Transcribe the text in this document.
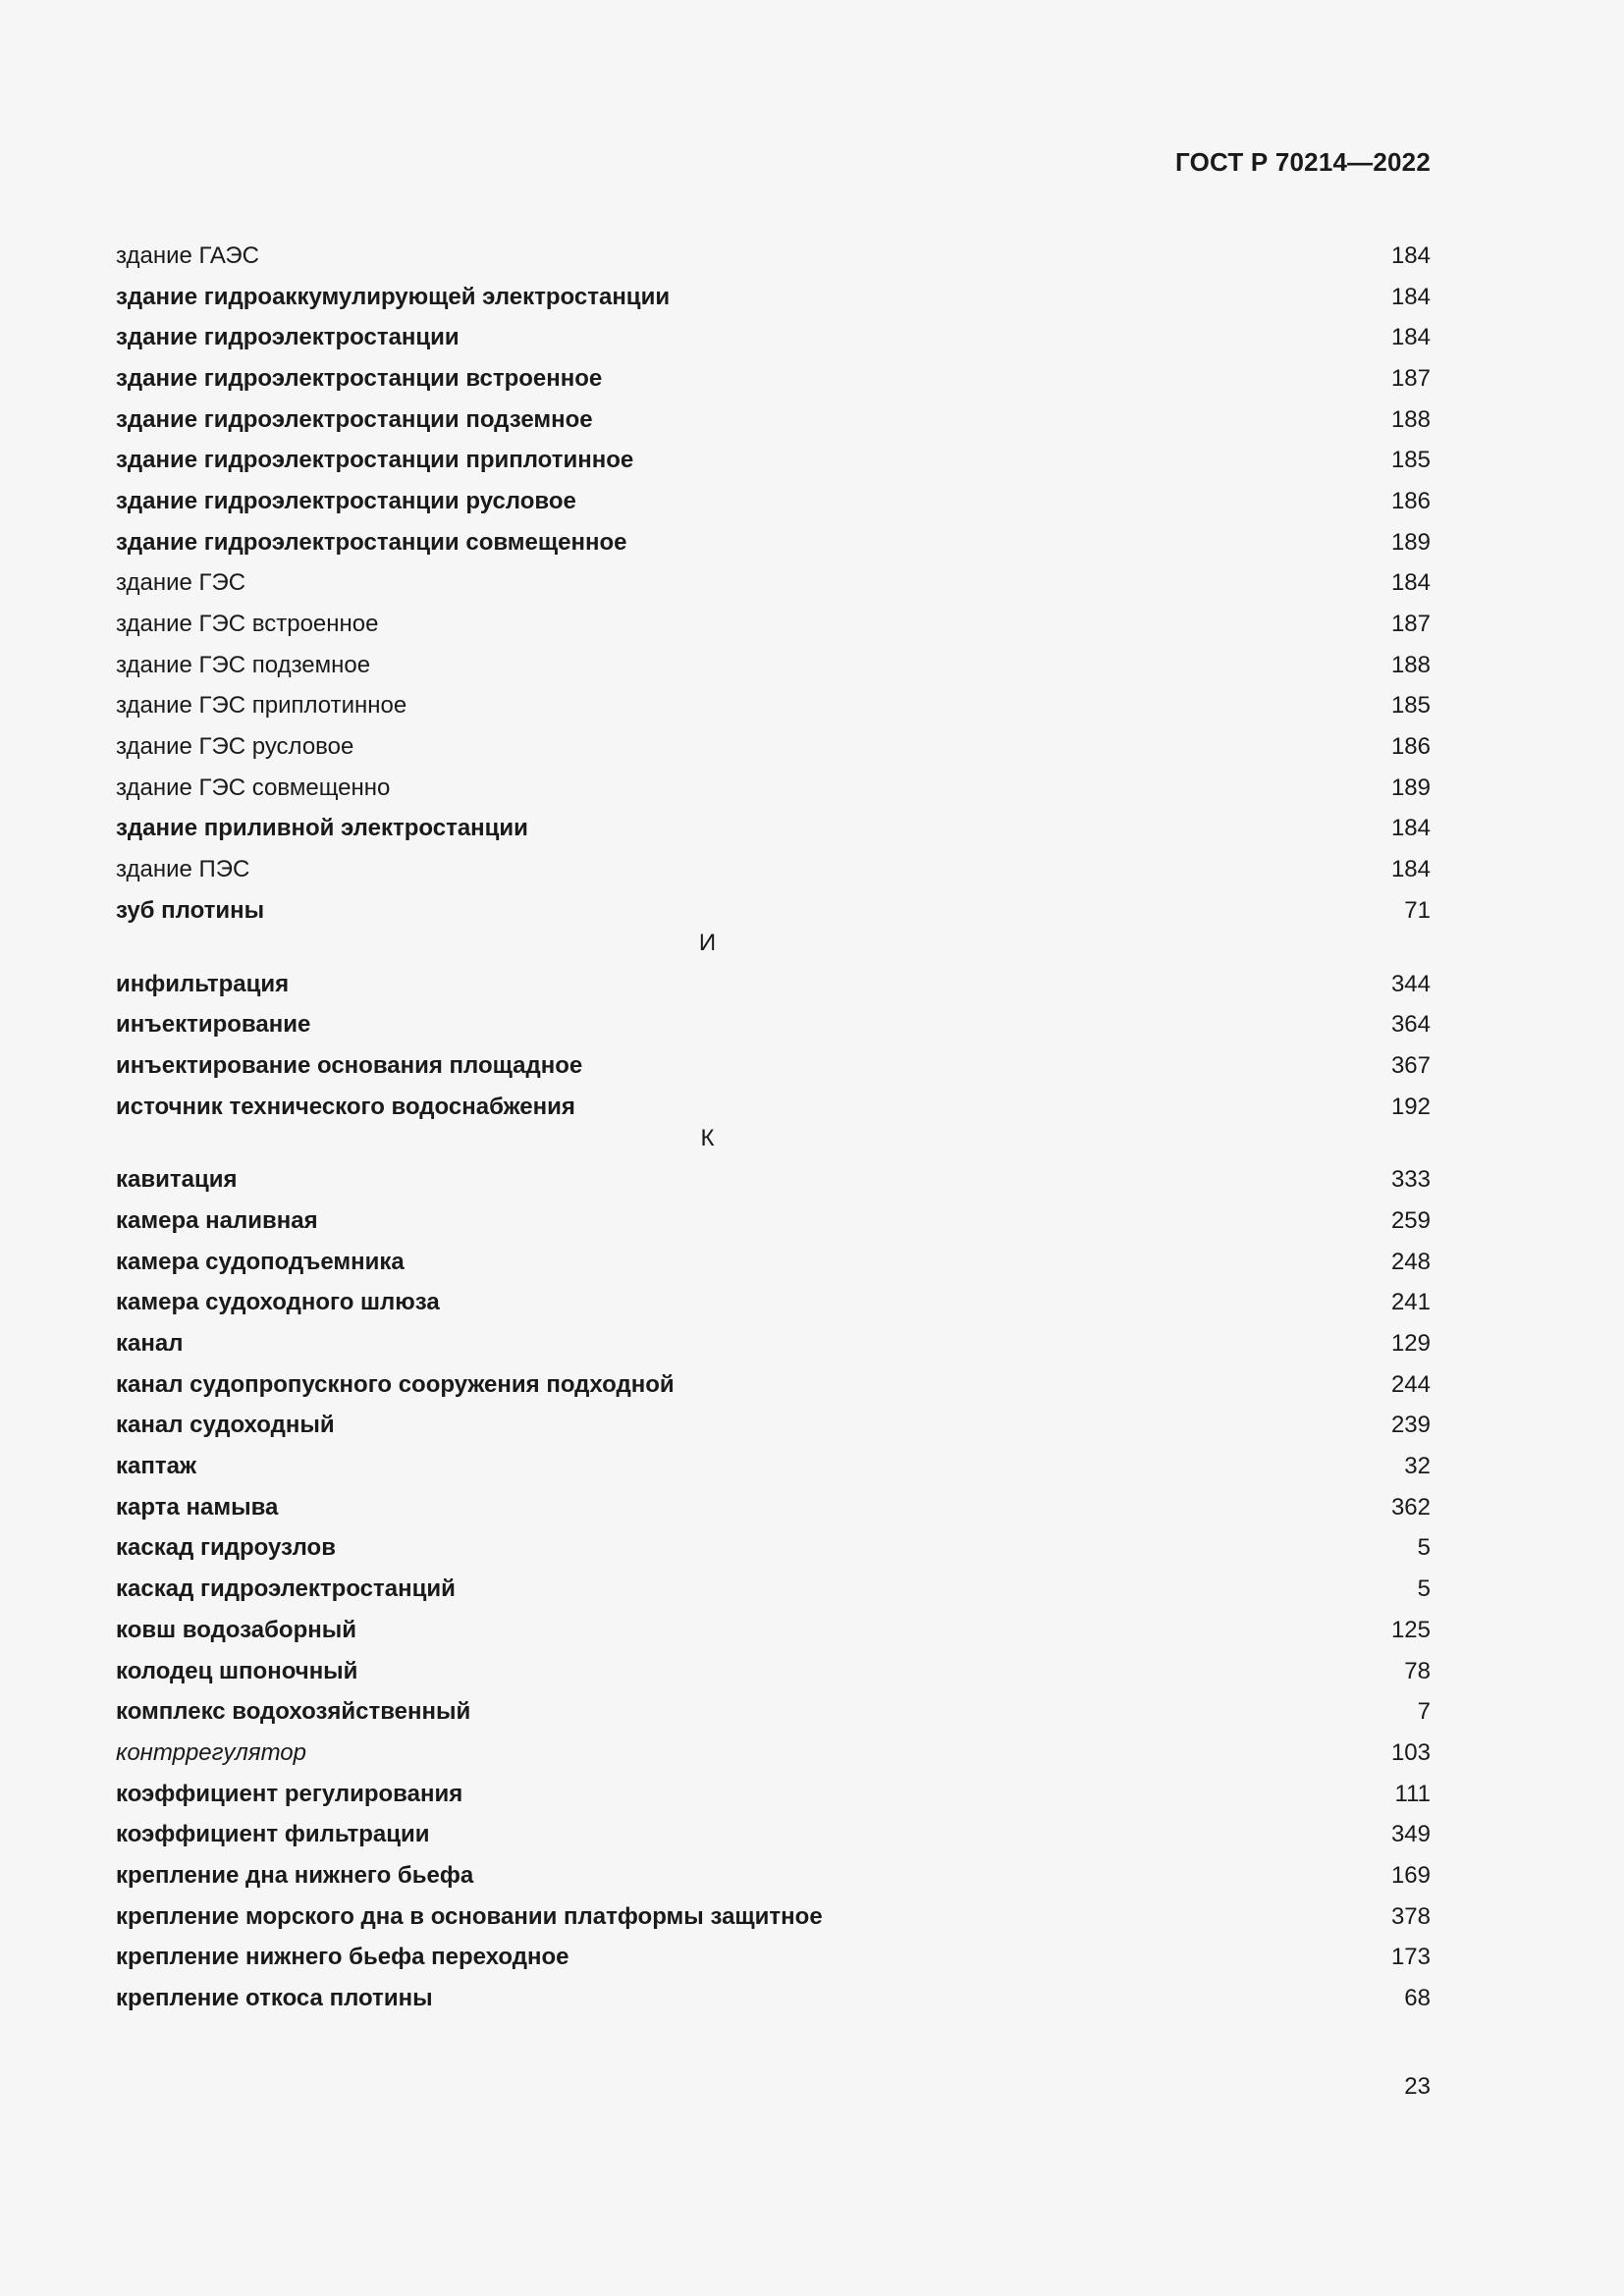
ГОСТ Р 70214—2022
здание ГАЭС	184
здание гидроаккумулирующей электростанции	184
здание гидроэлектростанции	184
здание гидроэлектростанции встроенное	187
здание гидроэлектростанции подземное	188
здание гидроэлектростанции приплотинное	185
здание гидроэлектростанции русловое	186
здание гидроэлектростанции совмещенное	189
здание ГЭС	184
здание ГЭС встроенное	187
здание ГЭС подземное	188
здание ГЭС приплотинное	185
здание ГЭС русловое	186
здание ГЭС совмещенно	189
здание приливной электростанции	184
здание ПЭС	184
зуб плотины	71
И
инфильтрация	344
инъектирование	364
инъектирование основания площадное	367
источник технического водоснабжения	192
К
кавитация	333
камера наливная	259
камера судоподъемника	248
камера судоходного шлюза	241
канал	129
канал судопропускного сооружения подходной	244
канал судоходный	239
каптаж	32
карта намыва	362
каскад гидроузлов	5
каскад гидроэлектростанций	5
ковш водозаборный	125
колодец шпоночный	78
комплекс водохозяйственный	7
контррегулятор	103
коэффициент регулирования	111
коэффициент фильтрации	349
крепление дна нижнего бьефа	169
крепление морского дна в основании платформы защитное	378
крепление нижнего бьефа переходное	173
крепление откоса плотины	68
23
